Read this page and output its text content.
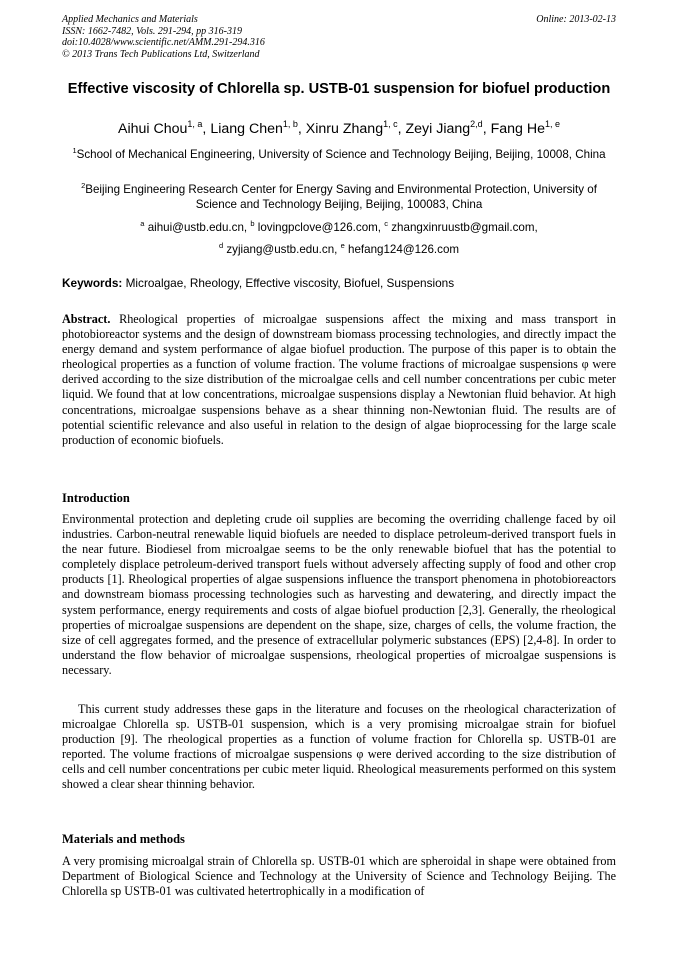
Applied Mechanics and Materials
ISSN: 1662-7482, Vols. 291-294, pp 316-319
doi:10.4028/www.scientific.net/AMM.291-294.316
© 2013 Trans Tech Publications Ltd, Switzerland
Online: 2013-02-13
Effective viscosity of Chlorella sp. USTB-01 suspension for biofuel production
Aihui Chou$^{1, a}$, Liang Chen$^{1, b}$, Xinru Zhang$^{1, c}$, Zeyi Jiang$^{2,d}$, Fang He$^{1, e}$
$^1$School of Mechanical Engineering, University of Science and Technology Beijing, Beijing, 10008, China
$^2$Beijing Engineering Research Center for Energy Saving and Environmental Protection, University of Science and Technology Beijing, Beijing, 100083, China
$^a$ aihui@ustb.edu.cn, $^b$ lovingpclove@126.com, $^c$ zhangxinruustb@gmail.com,
$^d$ zyjiang@ustb.edu.cn, $^e$ hefang124@126.com
Keywords: Microalgae, Rheology, Effective viscosity, Biofuel, Suspensions
Abstract. Rheological properties of microalgae suspensions affect the mixing and mass transport in photobioreactor systems and the design of downstream biomass processing technologies, and directly impact the energy demand and system performance of algae biofuel production. The purpose of this paper is to obtain the rheological properties as a function of volume fraction. The volume fractions of microalgae suspensions φ were derived according to the size distribution of the microalgae cells and cell number concentrations per cubic meter liquid. We found that at low concentrations, microalgae suspensions display a Newtonian fluid behavior. At high concentrations, microalgae suspensions behave as a shear thinning non-Newtonian fluid. The results are of potential scientific relevance and also useful in relation to the design of algae bioprocessing for the large scale production of economic biofuels.
Introduction
Environmental protection and depleting crude oil supplies are becoming the overriding challenge faced by oil industries. Carbon-neutral renewable liquid biofuels are needed to displace petroleum-derived transport fuels in the near future. Biodiesel from microalgae seems to be the only renewable biofuel that has the potential to completely displace petroleum-derived transport fuels without adversely affecting supply of food and other crop products [1]. Rheological properties of algae suspensions influence the transport phenomena in photobioreactors and downstream biomass processing technologies such as harvesting and dewatering, and directly impact the system performance, energy requirements and costs of algae biofuel production [2,3]. Generally, the rheological properties of microalgae suspensions are dependent on the shape, size, charges of cells, the volume fraction, the size of cell aggregates formed, and the presence of extracellular polymeric substances (EPS) [2,4-8]. In order to understand the flow behavior of microalgae suspensions, rheological properties of microalgae suspensions is necessary.
This current study addresses these gaps in the literature and focuses on the rheological characterization of microalgae Chlorella sp. USTB-01 suspension, which is a very promising microalgae strain for biofuel production [9]. The rheological properties as a function of volume fraction for Chlorella sp. USTB-01 are reported. The volume fractions of microalgae suspensions φ were derived according to the size distribution of cells and cell number concentrations per cubic meter liquid. Rheological measurements performed on this system showed a clear shear thinning behavior.
Materials and methods
A very promising microalgal strain of Chlorella sp. USTB-01 which are spheroidal in shape were obtained from Department of Biological Science and Technology at the University of Science and Technology Beijing. The Chlorella sp USTB-01 was cultivated hetertrophically in a modification of
